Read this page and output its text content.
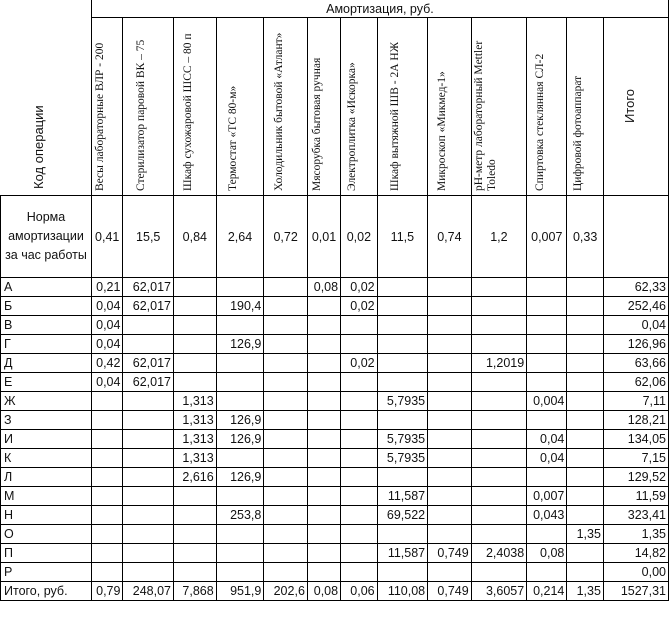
Код операции	Амортизация, руб.												

	Весы лабораторные ВЛР - 200	Стерилизатор паровой ВК – 75	Шкаф сухожаровой ШСС – 80 п	Термостат «ТС 80-м»	Холодильник бытовой «Атлант»	Мясорубка бытовая ручная	Электроплитка «Искорка»	Шкаф вытяжной ШВ - 2А НЖ	Микроскоп «Микмед-1»	рН-метр лабораторный Mettler Toledo	Спиртовка стеклянная СЛ-2	Цифровой фотоаппарат	Итого

Норма амортизации за час работы	0,41	15,5	0,84	2,64	0,72	0,01	0,02	11,5	0,74	1,2	0,007	0,33	
А	0,21	62,017				0,08	0,02						62,33
Б	0,04	62,017		190,4			0,02						252,46
В	0,04												0,04
Г	0,04			126,9									126,96
Д	0,42	62,017					0,02			1,2019			63,66
Е	0,04	62,017											62,06
Ж			1,313					5,7935			0,004		7,11
З			1,313	126,9									128,21
И			1,313	126,9				5,7935			0,04		134,05
К			1,313					5,7935			0,04		7,15
Л			2,616	126,9									129,52
М								11,587			0,007		11,59
Н				253,8				69,522			0,043		323,41
О												1,35	1,35
П								11,587	0,749	2,4038	0,08		14,82
Р													0,00
Итого, руб.	0,79	248,07	7,868	951,9	202,6	0,08	0,06	110,08	0,749	3,6057	0,214	1,35	1527,31
